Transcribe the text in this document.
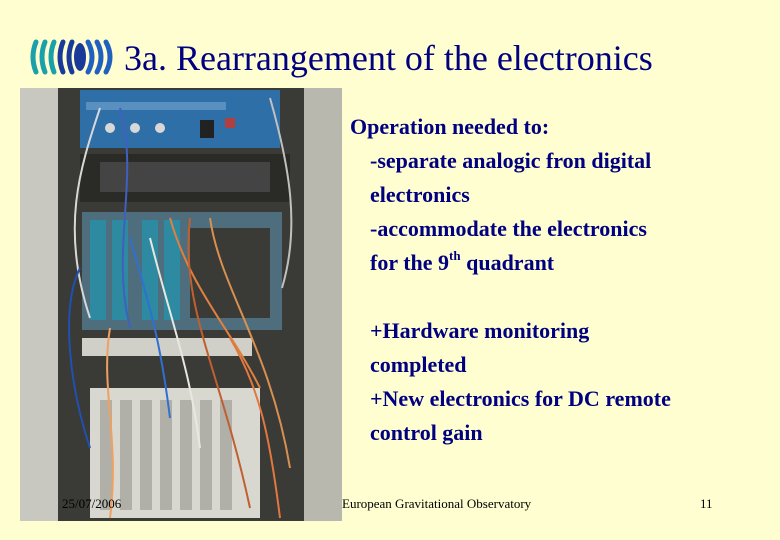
3a. Rearrangement of the electronics
Operation needed to:
-separate analogic fron digital
electronics
-accommodate the electronics
for the 9th quadrant
+Hardware monitoring
completed
+New electronics for DC remote
control gain
25/07/2006	European Gravitational Observatory	11
